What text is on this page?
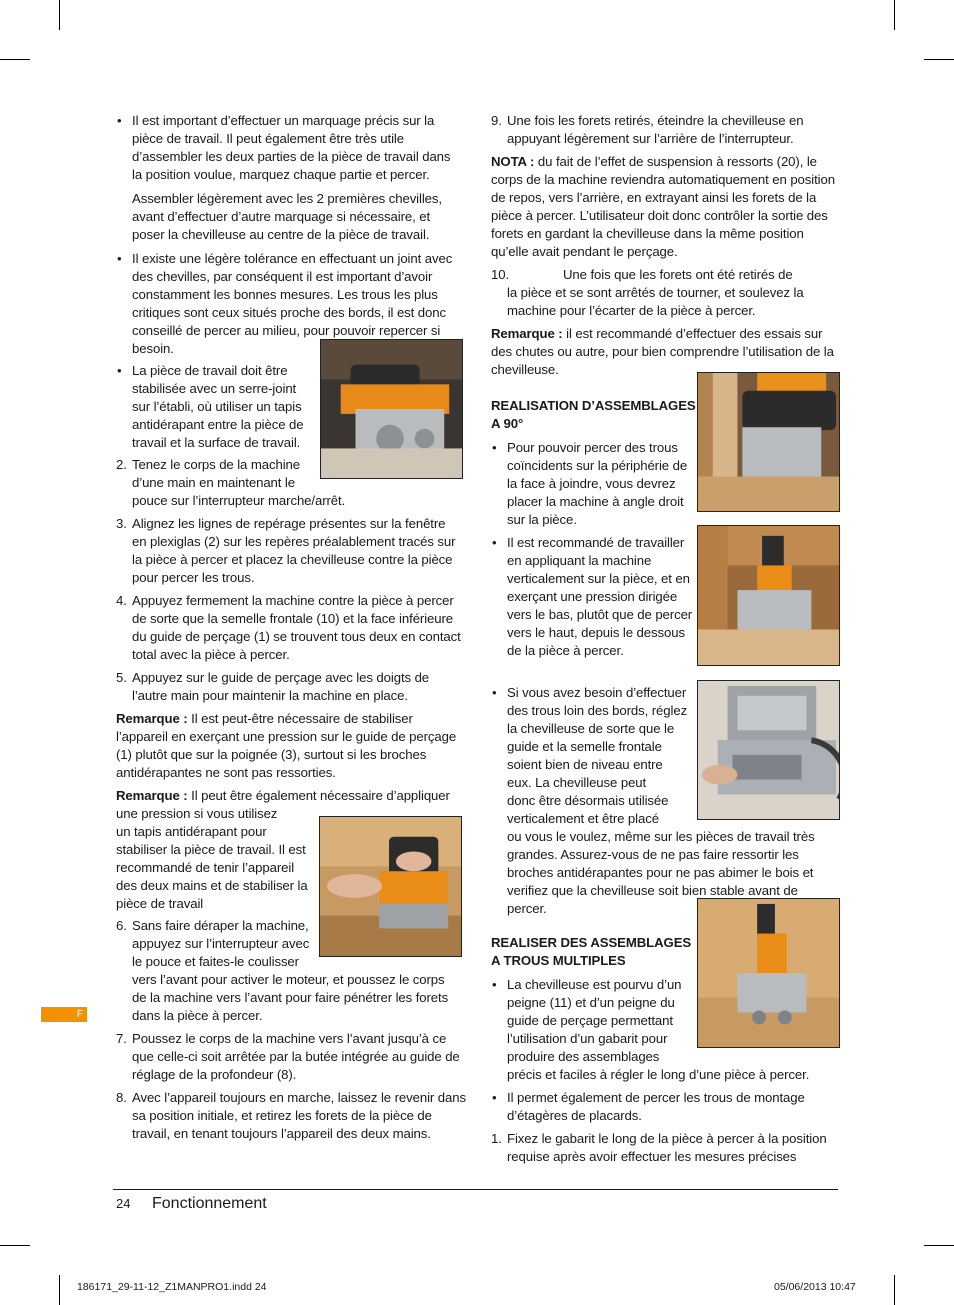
• Il est important d’effectuer un marquage précis sur la pièce de travail. Il peut également être très utile d’assembler les deux parties de la pièce de travail dans la position voulue, marquez chaque partie et percer.

Assembler légèrement avec les 2 premières chevilles, avant d’effectuer d’autre marquage si nécessaire, et poser la chevilleuse au centre de la pièce de travail.

• Il existe une légère tolérance en effectuant un joint avec

des chevilles, par conséquent il est important d’avoir

constamment les bonnes mesures. Les trous les plus

critiques sont ceux situés proche des bords, il est donc

conseillé de percer au milieu, pour pouvoir repercer si

besoin.

• La pièce de travail doit être

stabilisée avec un serre-joint

sur l’établi, où utiliser un tapis

antidérapant entre la pièce de

travail et la surface de travail.

2. Tenez le corps de la machine

d’une main en maintenant le

pouce sur l’interrupteur marche/arrêt.

3. Alignez les lignes de repérage présentes sur la fenêtre en plexiglas (2) sur les repères préalablement tracés sur la pièce à percer et placez la chevilleuse contre la pièce pour percer les trous.

4. Appuyez fermement la machine contre la pièce à percer de sorte que la semelle frontale (10) et la face inférieure du guide de perçage (1) se trouvent tous deux en contact total avec la pièce à percer.

5. Appuyez sur le guide de perçage avec les doigts de l’autre main pour maintenir la machine en place.

Remarque : Il est peut-être nécessaire de stabiliser l’appareil en exerçant une pression sur le guide de perçage (1) plutôt que sur la poignée (3), surtout si les broches antidérapantes ne sont pas ressorties.

Remarque : Il peut être également nécessaire d’appliquer

une pression si vous utilisez

un tapis antidérapant pour

stabiliser la pièce de travail. Il est

recommandé de tenir l’appareil

des deux mains et de stabiliser la

pièce de travail

6. Sans faire déraper la machine,

appuyez sur l’interrupteur avec

le pouce et faites-le coulisser

vers l’avant pour activer le moteur, et poussez le corps de la machine vers l’avant pour faire pénétrer les forets dans la pièce à percer.

7. Poussez le corps de la machine vers l’avant jusqu’à ce que celle-ci soit arrêtée par la butée intégrée au guide de réglage de la profondeur (8).

8. Avec l’appareil toujours en marche, laissez le revenir dans sa position initiale, et retirez les forets de la pièce de travail, en tenant toujours l’appareil des deux mains.

9. Une fois les forets retirés, éteindre la chevilleuse en appuyant légèrement sur l’arrière de l’interrupteur.

NOTA : du fait de l’effet de suspension à ressorts (20), le corps de la machine reviendra automatiquement en position de repos, vers l’arrière, en extrayant ainsi les forets de la pièce à percer. L’utilisateur doit donc contrôler la sortie des forets en gardant la chevilleuse dans la même position qu’elle avait pendant le perçage.

10.	Une fois que les forets ont été retirés de

la pièce et se sont arrêtés de tourner, et soulevez la machine pour l’écarter de la pièce à percer.

Remarque : il est recommandé d’effectuer des essais sur des chutes ou autre, pour bien comprendre l’utilisation de la chevilleuse.

REALISATION D’ASSEMBLAGES A 90°

• Pour pouvoir percer des trous coïncidents sur la périphérie de la face à joindre, vous devrez placer la machine à angle droit sur la pièce.

• Il est recommandé de travailler en appliquant la machine verticalement sur la pièce, et en exerçant une pression dirigée vers le bas, plutôt que de percer vers le haut, depuis le dessous de la pièce à percer.

• Si vous avez besoin d’effectuer

des trous loin des bords, réglez

la chevilleuse de sorte que le

guide et la semelle frontale

soient bien de niveau entre

eux. La chevilleuse peut

donc être désormais utilisée

verticalement et être placé

ou vous le voulez, même sur les pièces de travail très grandes. Assurez-vous de ne pas faire ressortir les broches antidérapantes pour ne pas abimer le bois et verifiez que la chevilleuse soit bien stable avant de percer.

REALISER DES ASSEMBLAGES A TROUS MULTIPLES

• La chevilleuse est pourvu d’un

peigne (11) et d’un peigne du

guide de perçage permettant

l’utilisation d’un gabarit pour

produire des assemblages

précis et faciles à régler le long d’une pièce à percer.

• Il permet également de percer les trous de montage d’étagères de placards.

1. Fixez le gabarit le long de la pièce à percer à la position requise après avoir effectuer les mesures précises

F
24 Fonctionnement
186171_29-11-12_Z1MANPRO1.indd 24	05/06/2013 10:47
